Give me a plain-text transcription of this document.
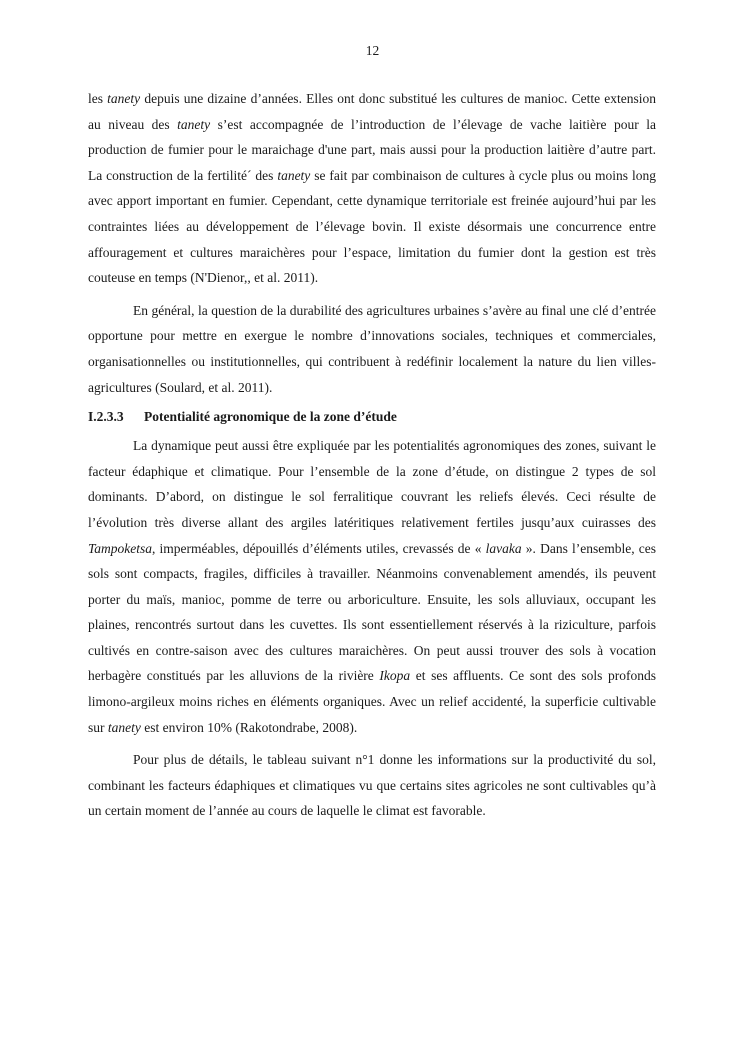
12

les tanety depuis une dizaine d’années. Elles ont donc substitué les cultures de manioc. Cette extension au niveau des tanety s’est accompagnée de l’introduction de l’élevage de vache laitière pour la production de fumier pour le maraichage d'une part, mais aussi pour la production laitière d’autre part. La construction de la fertilité´ des tanety se fait par combinaison de cultures à cycle plus ou moins long avec apport important en fumier. Cependant, cette dynamique territoriale est freinée aujourd’hui par les contraintes liées au développement de l’élevage bovin. Il existe désormais une concurrence entre affouragement et cultures maraichères pour l’espace, limitation du fumier dont la gestion est très couteuse en temps (N'Dienor,, et al. 2011).

En général, la question de la durabilité des agricultures urbaines s’avère au final une clé d’entrée opportune pour mettre en exergue le nombre d’innovations sociales, techniques et commerciales, organisationnelles ou institutionnelles, qui contribuent à redéfinir localement la nature du lien villes-agricultures (Soulard, et al. 2011).

I.2.3.3	Potentialité agronomique de la zone d’étude

La dynamique peut aussi être expliquée par les potentialités agronomiques des zones, suivant le facteur édaphique et climatique. Pour l’ensemble de la zone d’étude, on distingue 2 types de sol dominants. D’abord, on distingue le sol ferralitique couvrant les reliefs élevés. Ceci résulte de l’évolution très diverse allant des argiles latéritiques relativement fertiles jusqu’aux cuirasses des Tampoketsa, imperméables, dépouillés d’éléments utiles, crevassés de « lavaka ». Dans l’ensemble, ces sols sont compacts, fragiles, difficiles à travailler. Néanmoins convenablement amendés, ils peuvent porter du maïs, manioc, pomme de terre ou arboriculture. Ensuite, les sols alluviaux, occupant les plaines, rencontrés surtout dans les cuvettes. Ils sont essentiellement réservés à la riziculture, parfois cultivés en contre-saison avec des cultures maraichères. On peut aussi trouver des sols à vocation herbagère constitués par les alluvions de la rivière Ikopa et ses affluents. Ce sont des sols profonds limono-argileux moins riches en éléments organiques. Avec un relief accidenté, la superficie cultivable sur tanety est environ 10% (Rakotondrabe, 2008).

Pour plus de détails, le tableau suivant n°1 donne les informations sur la productivité du sol, combinant les facteurs édaphiques et climatiques vu que certains sites agricoles ne sont cultivables qu’à un certain moment de l’année au cours de laquelle le climat est favorable.
